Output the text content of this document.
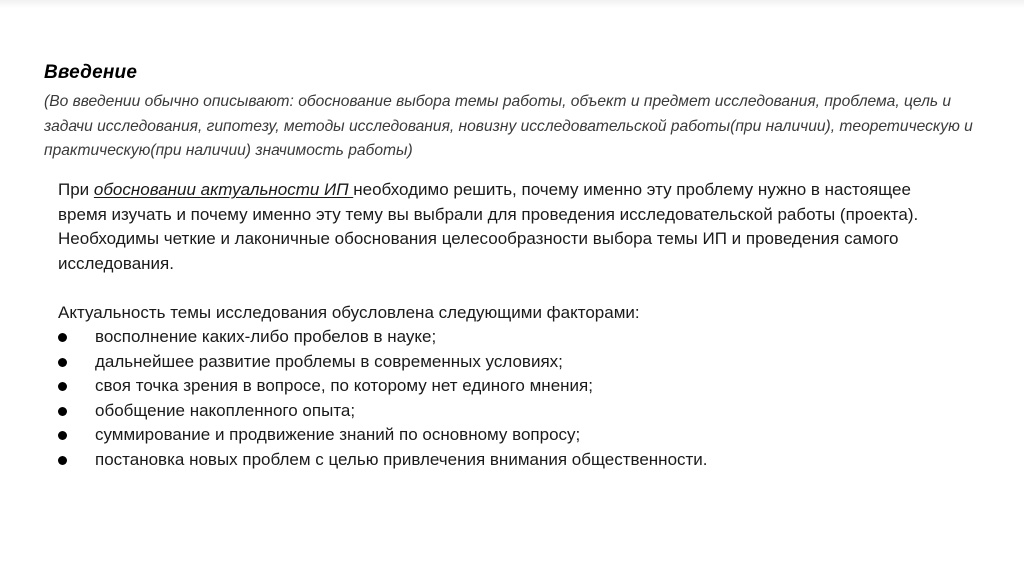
Введение

(Во введении обычно описывают: обоснование выбора темы работы, объект и предмет исследования, проблема, цель и задачи исследования, гипотезу, методы исследования, новизну исследовательской работы(при наличии), теоретическую и практическую(при наличии) значимость работы)

При обосновании актуальности ИП необходимо решить, почему именно эту проблему нужно в настоящее время изучать и почему именно эту тему вы выбрали для проведения исследовательской работы (проекта). Необходимы четкие и лаконичные обоснования целесообразности выбора темы ИП и проведения самого исследования.

Актуальность темы исследования обусловлена следующими факторами:

восполнение каких-либо пробелов в науке;
дальнейшее развитие проблемы в современных условиях;
своя точка зрения в вопросе, по которому нет единого мнения;
обобщение накопленного опыта;
суммирование и продвижение знаний по основному вопросу;
постановка новых проблем с целью привлечения внимания общественности.
